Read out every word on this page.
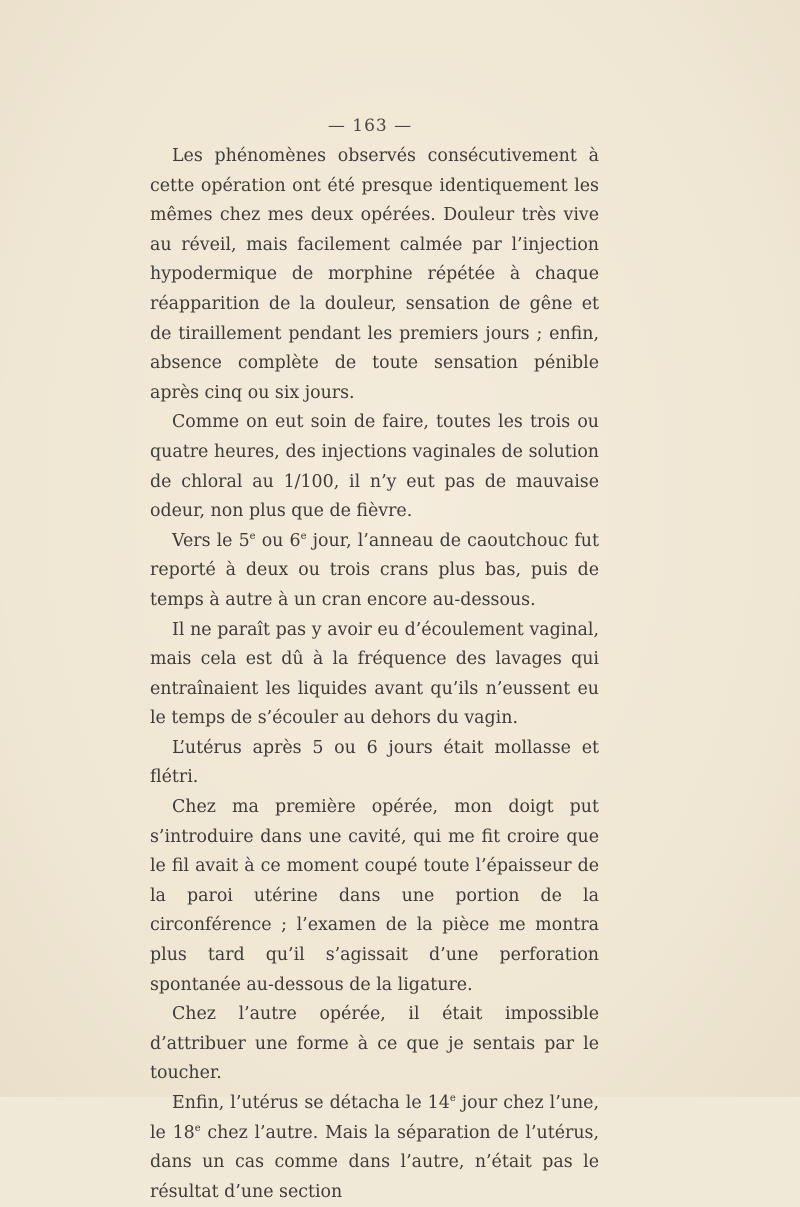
— 163 —

Les phénomènes observés consécutivement à cette opération ont été presque identiquement les mêmes chez mes deux opérées. Douleur très vive au réveil, mais facilement calmée par l’injection hypodermique de morphine répétée à chaque réapparition de la douleur, sensation de gêne et de tiraillement pendant les premiers jours ; enfin, absence complète de toute sensation pénible après cinq ou six jours.

Comme on eut soin de faire, toutes les trois ou quatre heures, des injections vaginales de solution de chloral au 1/100, il n’y eut pas de mauvaise odeur, non plus que de fièvre.

Vers le 5e ou 6e jour, l’anneau de caoutchouc fut reporté à deux ou trois crans plus bas, puis de temps à autre à un cran encore au-dessous.

Il ne paraît pas y avoir eu d’écoulement vaginal, mais cela est dû à la fréquence des lavages qui entraînaient les liquides avant qu’ils n’eussent eu le temps de s’écouler au dehors du vagin.

L’utérus après 5 ou 6 jours était mollasse et flétri.

Chez ma première opérée, mon doigt put s’introduire dans une cavité, qui me fit croire que le fil avait à ce moment coupé toute l’épaisseur de la paroi utérine dans une portion de la circonférence ; l’examen de la pièce me montra plus tard qu’il s’agissait d’une perforation spontanée au-dessous de la ligature.

Chez l’autre opérée, il était impossible d’attribuer une forme à ce que je sentais par le toucher.

Enfin, l’utérus se détacha le 14e jour chez l’une, le 18e chez l’autre. Mais la séparation de l’utérus, dans un cas comme dans l’autre, n’était pas le résultat d’une section
